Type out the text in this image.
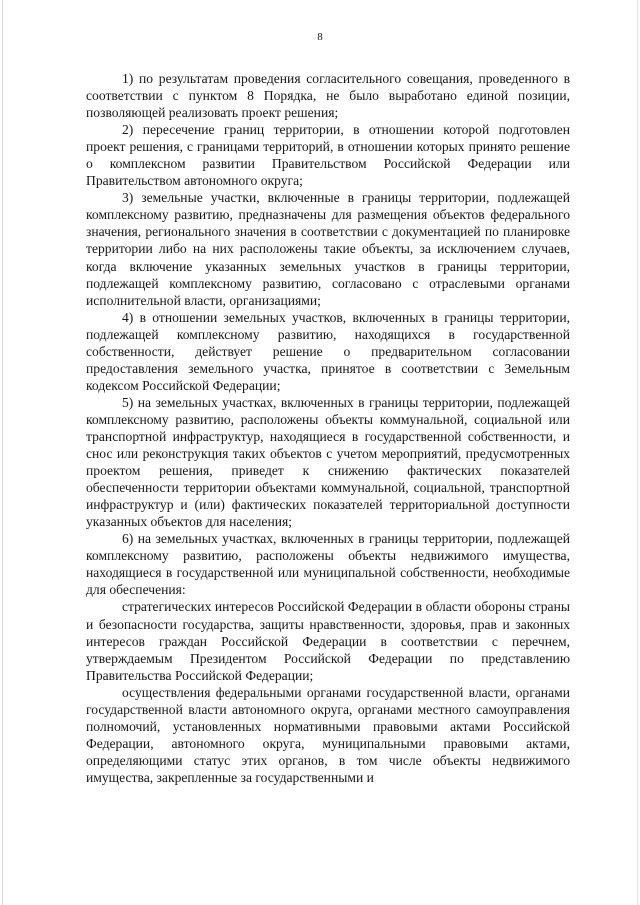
8

1) по результатам проведения согласительного совещания, проведенного в соответствии с пунктом 8 Порядка, не было выработано единой позиции, позволяющей реализовать проект решения;

2) пересечение границ территории, в отношении которой подготовлен проект решения, с границами территорий, в отношении которых принято решение о комплексном развитии Правительством Российской Федерации или Правительством автономного округа;

3) земельные участки, включенные в границы территории, подлежащей комплексному развитию, предназначены для размещения объектов федерального значения, регионального значения в соответствии с документацией по планировке территории либо на них расположены такие объекты, за исключением случаев, когда включение указанных земельных участков в границы территории, подлежащей комплексному развитию, согласовано с отраслевыми органами исполнительной власти, организациями;

4) в отношении земельных участков, включенных в границы территории, подлежащей комплексному развитию, находящихся в государственной собственности, действует решение о предварительном согласовании предоставления земельного участка, принятое в соответствии с Земельным кодексом Российской Федерации;

5) на земельных участках, включенных в границы территории, подлежащей комплексному развитию, расположены объекты коммунальной, социальной или транспортной инфраструктур, находящиеся в государственной собственности, и снос или реконструкция таких объектов с учетом мероприятий, предусмотренных проектом решения, приведет к снижению фактических показателей обеспеченности территории объектами коммунальной, социальной, транспортной инфраструктур и (или) фактических показателей территориальной доступности указанных объектов для населения;

6) на земельных участках, включенных в границы территории, подлежащей комплексному развитию, расположены объекты недвижимого имущества, находящиеся в государственной или муниципальной собственности, необходимые для обеспечения:

стратегических интересов Российской Федерации в области обороны страны и безопасности государства, защиты нравственности, здоровья, прав и законных интересов граждан Российской Федерации в соответствии с перечнем, утверждаемым Президентом Российской Федерации по представлению Правительства Российской Федерации;

осуществления федеральными органами государственной власти, органами государственной власти автономного округа, органами местного самоуправления полномочий, установленных нормативными правовыми актами Российской Федерации, автономного округа, муниципальными правовыми актами, определяющими статус этих органов, в том числе объекты недвижимого имущества, закрепленные за государственными и
